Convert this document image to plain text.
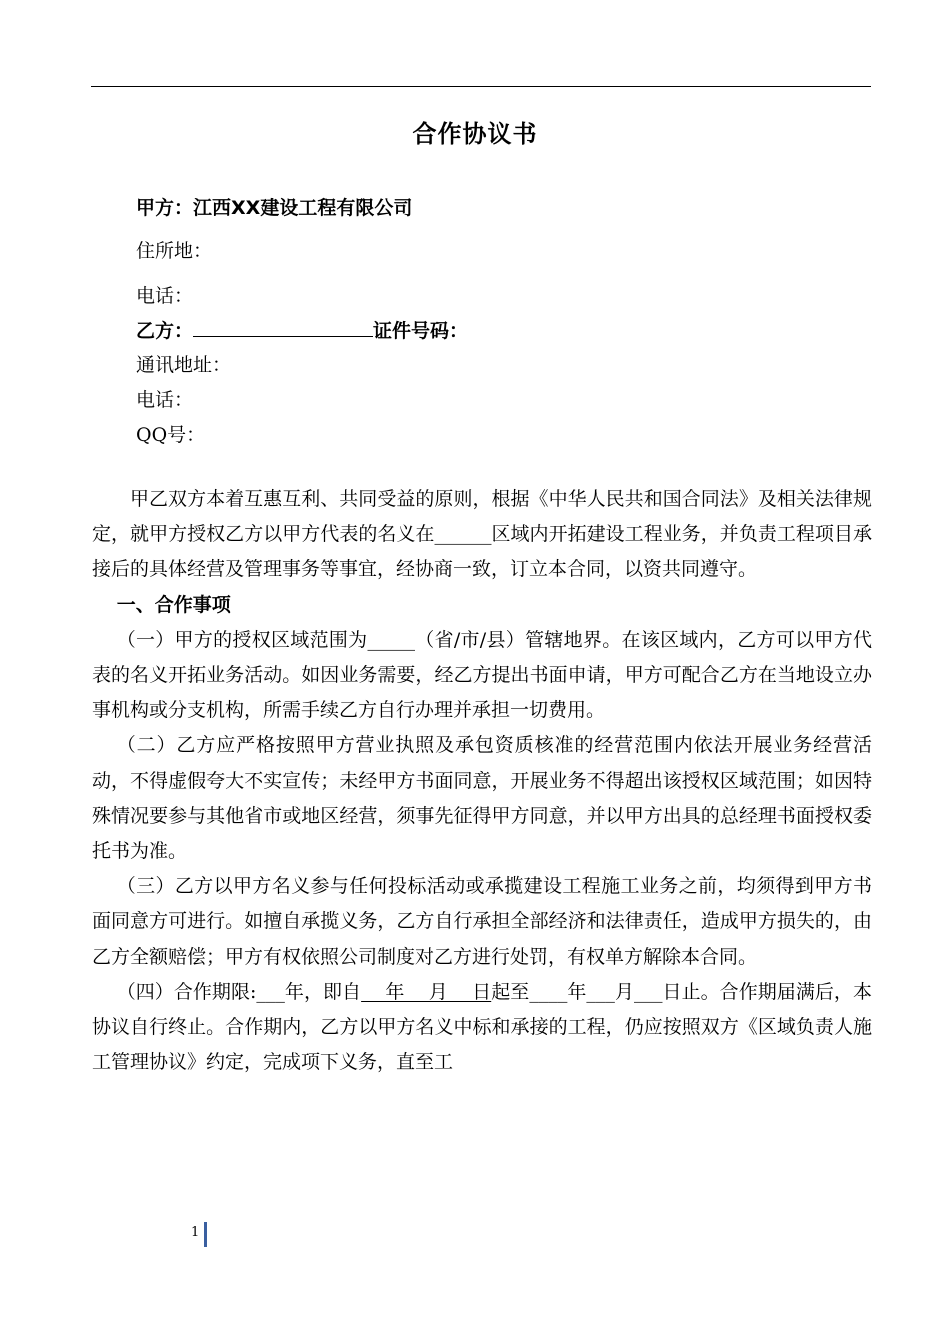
合作协议书
甲方：江西XX建设工程有限公司
住所地：
电话：
乙方：	证件号码：
通讯地址：
电话：
QQ号：

甲乙双方本着互惠互利、共同受益的原则，根据《中华人民共和国合同法》及相关法律规定，就甲方授权乙方以甲方代表的名义在______区域内开拓建设工程业务，并负责工程项目承接后的具体经营及管理事务等事宜，经协商一致，订立本合同，以资共同遵守。

一、合作事项

（一）甲方的授权区域范围为_____（省/市/县）管辖地界。在该区域内，乙方可以甲方代表的名义开拓业务活动。如因业务需要，经乙方提出书面申请，甲方可配合乙方在当地设立办事机构或分支机构，所需手续乙方自行办理并承担一切费用。

（二）乙方应严格按照甲方营业执照及承包资质核准的经营范围内依法开展业务经营活动，不得虚假夸大不实宣传；未经甲方书面同意，开展业务不得超出该授权区域范围；如因特殊情况要参与其他省市或地区经营，须事先征得甲方同意，并以甲方出具的总经理书面授权委托书为准。

（三）乙方以甲方名义参与任何投标活动或承揽建设工程施工业务之前，均须得到甲方书面同意方可进行。如擅自承揽义务，乙方自行承担全部经济和法律责任，造成甲方损失的，由乙方全额赔偿；甲方有权依照公司制度对乙方进行处罚，有权单方解除本合同。

（四）合作期限:___年，即自    年    月    日起至____年___月___日止。合作期届满后，本协议自行终止。合作期内，乙方以甲方名义中标和承接的工程，仍应按照双方《区域负责人施工管理协议》约定，完成项下义务，直至工

1
